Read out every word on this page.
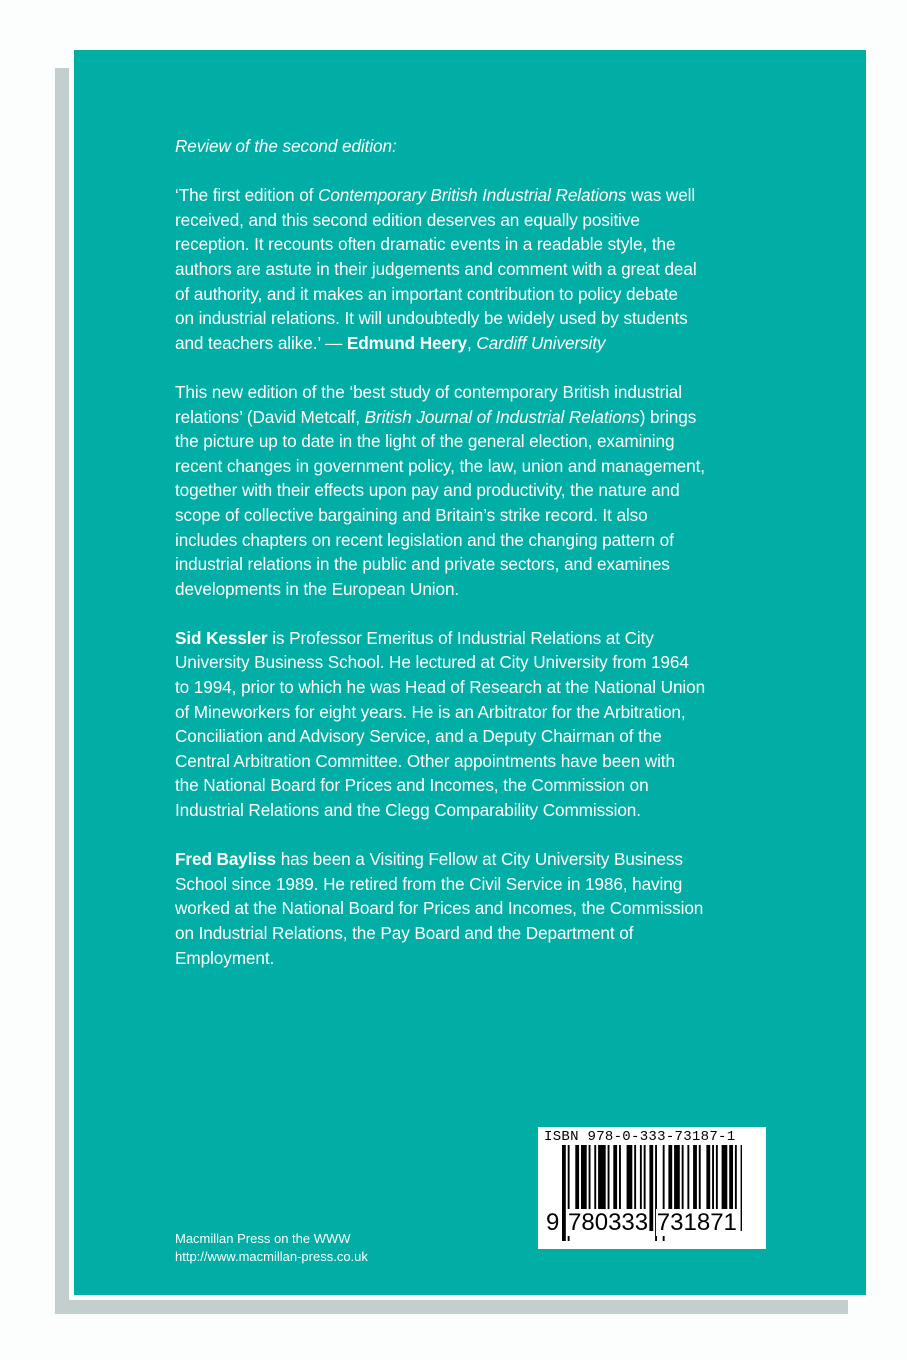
Review of the second edition:
‘The first edition of Contemporary British Industrial Relations was well
received, and this second edition deserves an equally positive
reception. It recounts often dramatic events in a readable style, the
authors are astute in their judgements and comment with a great deal
of authority, and it makes an important contribution to policy debate
on industrial relations. It will undoubtedly be widely used by students
and teachers alike.’ — Edmund Heery, Cardiff University
This new edition of the ‘best study of contemporary British industrial
relations’ (David Metcalf, British Journal of Industrial Relations) brings
the picture up to date in the light of the general election, examining
recent changes in government policy, the law, union and management,
together with their effects upon pay and productivity, the nature and
scope of collective bargaining and Britain’s strike record. It also
includes chapters on recent legislation and the changing pattern of
industrial relations in the public and private sectors, and examines
developments in the European Union.
Sid Kessler is Professor Emeritus of Industrial Relations at City
University Business School. He lectured at City University from 1964
to 1994, prior to which he was Head of Research at the National Union
of Mineworkers for eight years. He is an Arbitrator for the Arbitration,
Conciliation and Advisory Service, and a Deputy Chairman of the
Central Arbitration Committee. Other appointments have been with
the National Board for Prices and Incomes, the Commission on
Industrial Relations and the Clegg Comparability Commission.
Fred Bayliss has been a Visiting Fellow at City University Business
School since 1989. He retired from the Civil Service in 1986, having
worked at the National Board for Prices and Incomes, the Commission
on Industrial Relations, the Pay Board and the Department of
Employment.
Macmillan Press on the WWW
http://www.macmillan-press.co.uk
ISBN 978-0-333-73187-1
9 780333 731871
